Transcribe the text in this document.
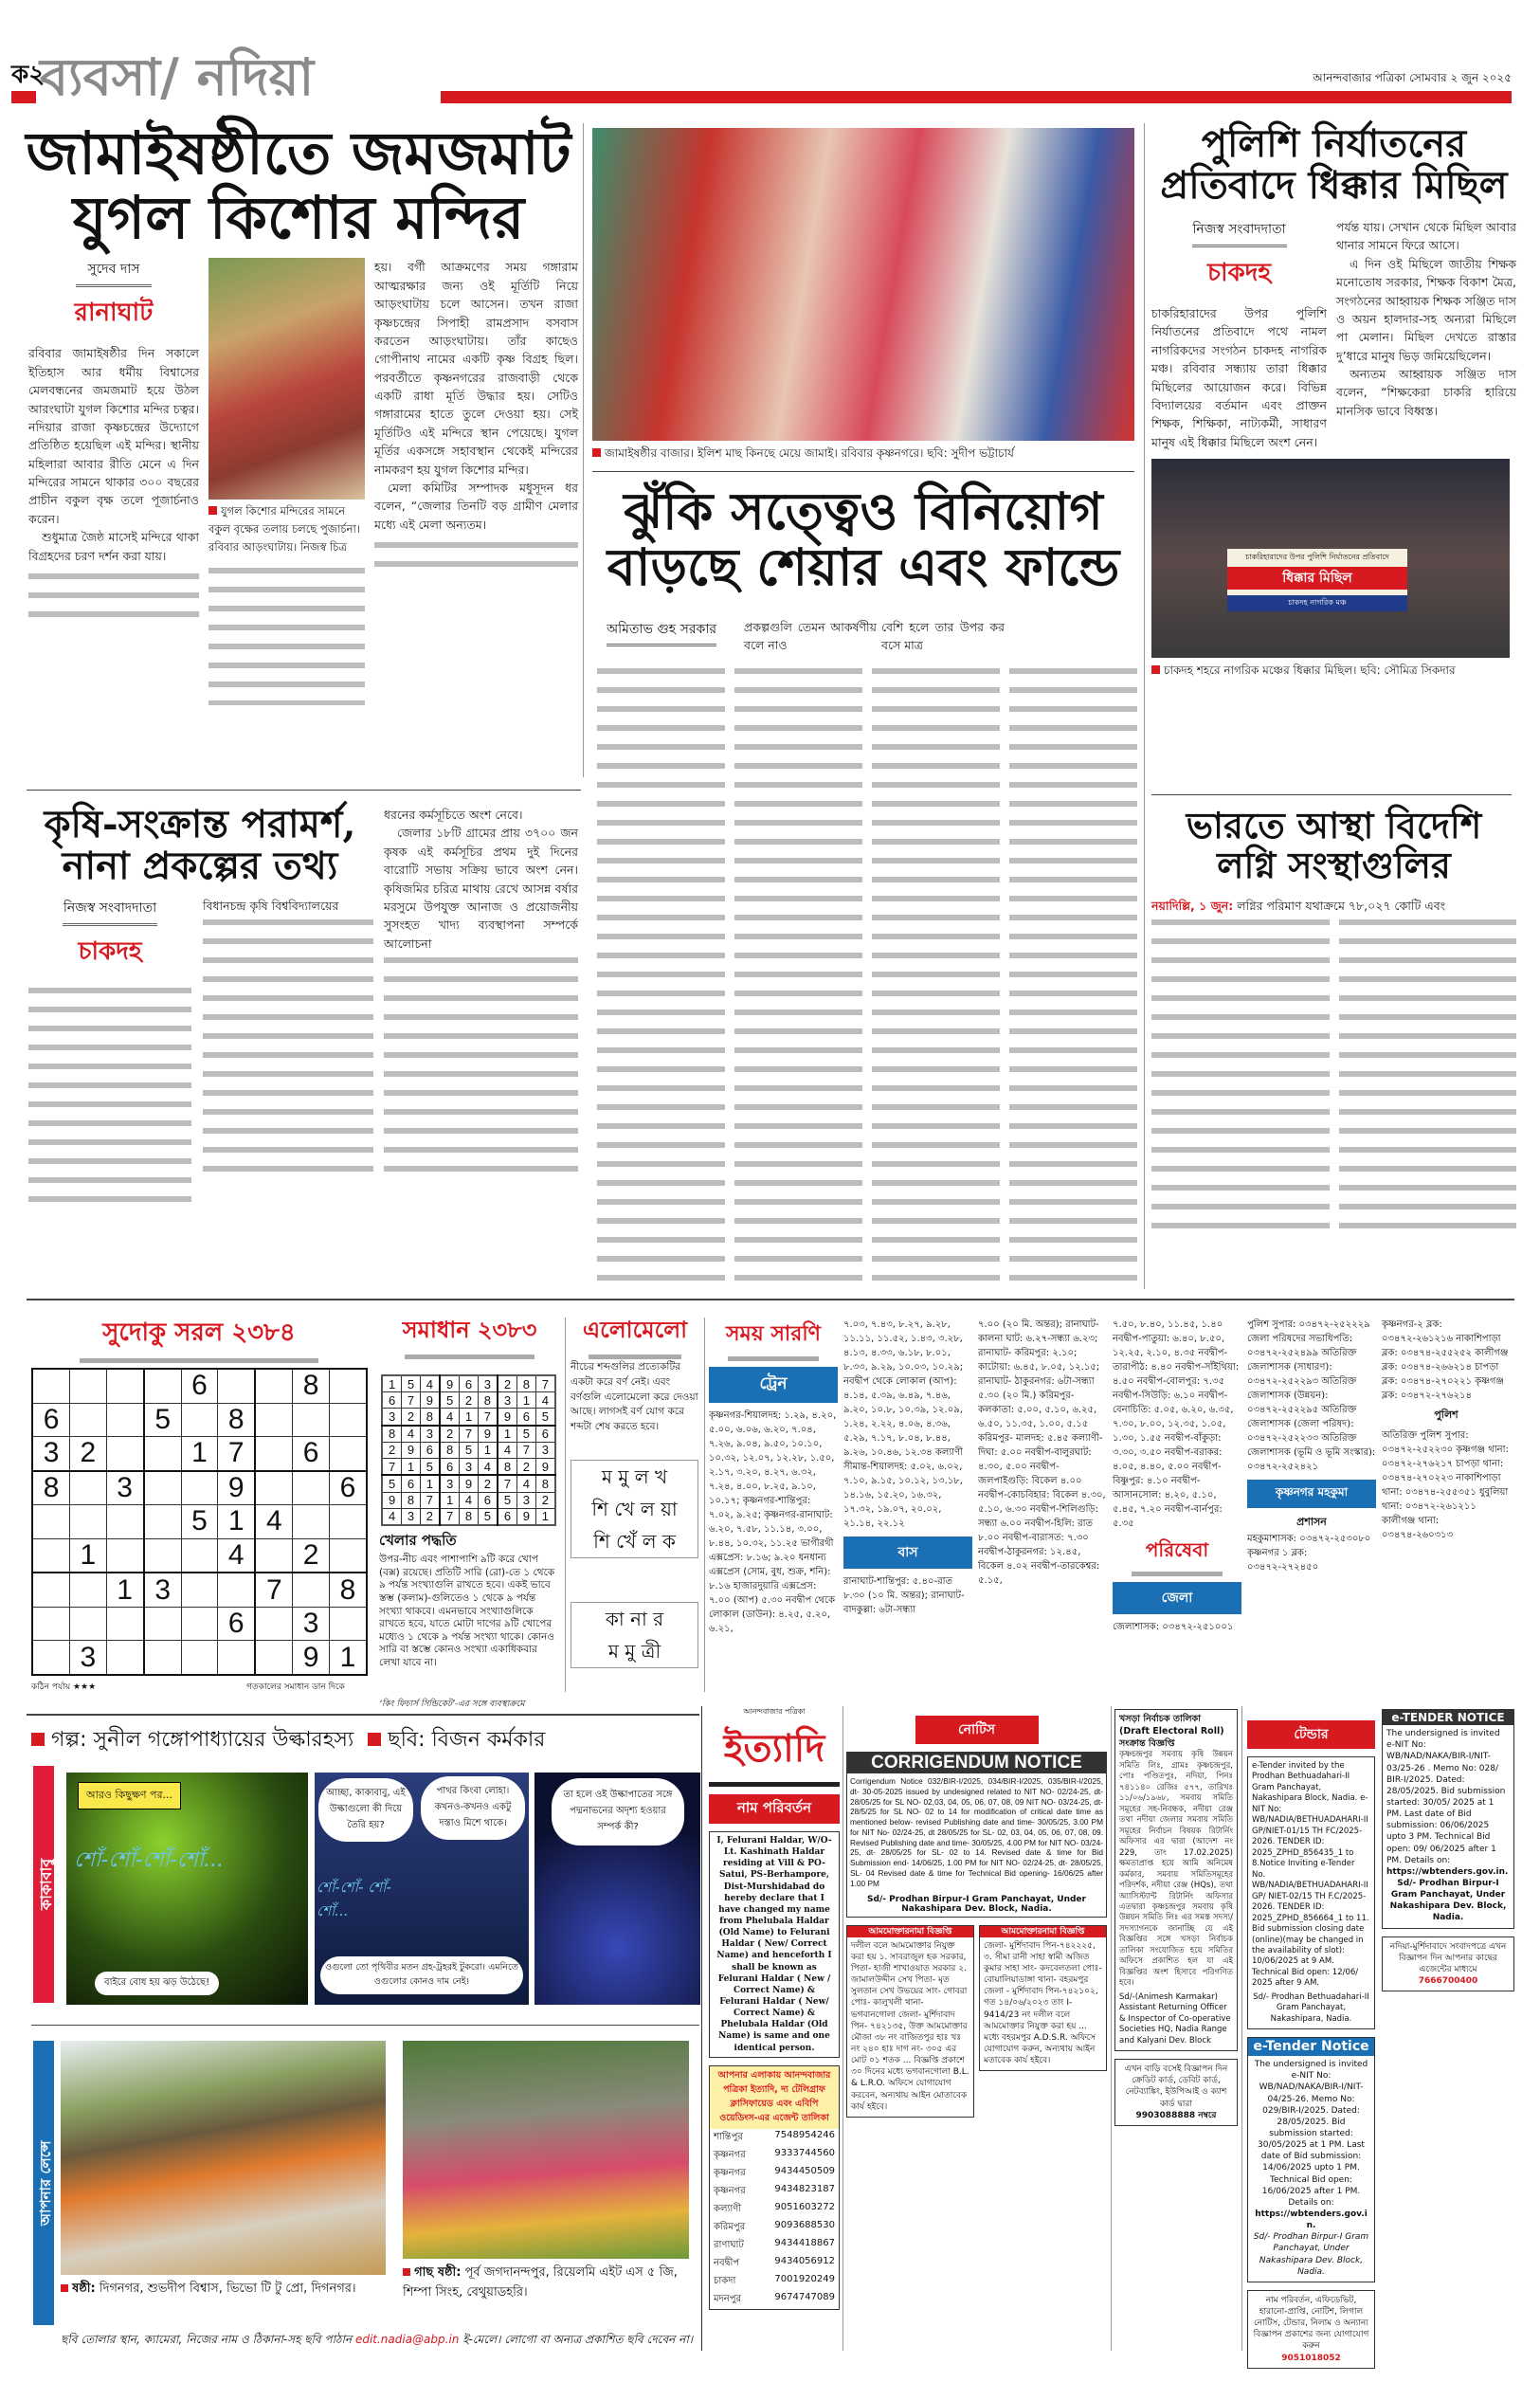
ক২
ব্যবসা/ নদিয়া	আনন্দবাজার পত্রিকা সোমবার ২ জুন ২০২৫
জামাইষষ্ঠীতে জমজমাট
যুগল কিশোর মন্দির
সুদেব দাস
রানাঘাট

রবিবার জামাইষষ্ঠীর দিন সকালে ইতিহাস আর ধর্মীয় বিশ্বাসের মেলবন্ধনের জমজমাট হয়ে উঠল আরংঘাটা যুগল কিশোর মন্দির চত্বর। নদিয়ার রাজা কৃষ্ণচন্দ্রের উদ্যোগে প্রতিষ্ঠিত হয়েছিল এই মন্দির। স্থানীয় মহিলারা আবার রীতি মেনে এ দিন মন্দিরের সামনে থাকার ৩০০ বছরের প্রাচীন বকুল বৃক্ষ তলে পূজার্চনাও করেন।

শুধুমাত্র জৈষ্ঠ মাসেই মন্দিরে থাকা বিগ্রহদের চরণ দর্শন করা যায়।

যুগল কিশোর মন্দিরের সামনে বকুল বৃক্ষের তলায় চলছে পুজার্চনা। রবিবার আড়ংঘাটায়। নিজস্ব চিত্র

হয়। বর্গী আক্রমণের সময় গঙ্গারাম আত্মরক্ষার জন্য ওই মূর্তিটি নিয়ে আড়ংঘাটায় চলে আসেন। তখন রাজা কৃষ্ণচন্দ্রের সিপাহী রামপ্রসাদ বসবাস করতেন আড়ংঘাটায়। তাঁর কাছেও গোপীনাথ নামের একটি কৃষ্ণ বিগ্রহ ছিল। পরবর্তীতে কৃষ্ণনগরের রাজবাড়ী থেকে একটি রাধা মূর্তি উদ্ধার হয়। সেটিও গঙ্গারামের হাতে তুলে দেওয়া হয়। সেই মূর্তিটিও এই মন্দিরে স্থান পেয়েছে। যুগল মূর্তির একসঙ্গে সহাবস্থান থেকেই মন্দিরের নামকরণ হয় যুগল কিশোর মন্দির।

মেলা কমিটির সম্পাদক মধুসূদন ধর বলেন, “জেলার তিনটি বড় গ্রামীণ মেলার মধ্যে এই মেলা অন্যতম।

জামাইষষ্ঠীর বাজার। ইলিশ মাছ কিনছে মেয়ে জামাই। রবিবার কৃষ্ণনগরে। ছবি: সুদীপ ভট্টাচার্য
ঝুঁকি সত্ত্বেও বিনিয়োগ
বাড়ছে শেয়ার এবং ফান্ডে
অমিতাভ গুহ সরকার প্রকল্পগুলি তেমন আকর্ষণীয় বলে নাও
বেশি হলে তার উপর কর বসে মাত্র
পুলিশি নির্যাতনের
প্রতিবাদে ধিক্কার মিছিল
নিজস্ব সংবাদদাতা
চাকদহ

চাকরিহারাদের উপর পুলিশি নির্যাতনের প্রতিবাদে পথে নামল নাগরিকদের সংগঠন চাকদহ নাগরিক মঞ্চ। রবিবার সন্ধ্যায় তারা ধিক্কার মিছিলের আয়োজন করে। বিভিন্ন বিদ্যালয়ের বর্তমান এবং প্রাক্তন শিক্ষক, শিক্ষিকা, নাট্যকর্মী, সাধারণ মানুষ এই ধিক্কার মিছিলে অংশ নেন।

পর্যন্ত যায়। সেখান থেকে মিছিল আবার থানার সামনে ফিরে আসে।

এ দিন ওই মিছিলে জাতীয় শিক্ষক মনোতোষ সরকার, শিক্ষক বিকাশ মৈত্র, সংগঠনের আহ্বায়ক শিক্ষক সঞ্জিত দাস ও অয়ন হালদার-সহ অন্যরা মিছিলে পা মেলান। মিছিল দেখতে রাস্তার দু’ধারে মানুষ ভিড় জমিয়েছিলেন।

অন্যতম আহ্বায়ক সঞ্জিত দাস বলেন, “শিক্ষকেরা চাকরি হারিয়ে মানসিক ভাবে বিধ্বস্ত।

চাকরিহারাদের উপর পুলিশি নির্যাতনের প্রতিবাদে
ধিক্কার মিছিল
চাকদহ নাগরিক মঞ্চ
চাকদহ শহরে নাগরিক মঞ্চের ধিক্কার মিছিল। ছবি: সৌমিত্র সিকদার
কৃষি-সংক্রান্ত পরামর্শ,
নানা প্রকল্পের তথ্য
নিজস্ব সংবাদদাতা
চাকদহ

বিধানচন্দ্র কৃষি বিশ্ববিদ্যালয়ের

ধরনের কর্মসূচিতে অংশ নেবে।

জেলার ১৮টি গ্রামের প্রায় ৩৭০০ জন কৃষক এই কর্মসূচির প্রথম দুই দিনের বারোটি সভায় সক্রিয় ভাবে অংশ নেন। কৃষিজমির চরিত্র মাথায় রেখে আসন্ন বর্ষার মরসুমে উপযুক্ত আনাজ ও প্রয়োজনীয় সুসংহত খাদ্য ব্যবস্থাপনা সম্পর্কে আলোচনা

ভারতে আস্থা বিদেশি
লগ্নি সংস্থাগুলির

নয়াদিল্লি, ১ জুন: লগ্নির পরিমাণ যথাক্রমে ৭৮,০২৭ কোটি এবং

সুদোকু সরল ২৩৮৪
				6			8	
6			5		8			
3	2			1	7		6	
8		3			9			6
				5	1	4		
	1				4		2	
		1	3			7		8
					6		3	
	3						9	1
কঠিন পর্যায় ★★★	গতকালের সমাধান ডান দিকে
সমাধান ২৩৮৩
1	5	4	9	6	3	2	8	7
6	7	9	5	2	8	3	1	4
3	2	8	4	1	7	9	6	5
8	4	3	2	7	9	1	5	6
2	9	6	8	5	1	4	7	3
7	1	5	6	3	4	8	2	9
5	6	1	3	9	2	7	4	8
9	8	7	1	4	6	5	3	2
4	3	2	7	8	5	6	9	1
খেলার পদ্ধতি

উপর-নীচ এবং পাশাপাশি ৯টি করে খোপ (বক্স) রয়েছে। প্রতিটি সারি (রো)-তে ১ থেকে ৯ পর্যন্ত সংখ্যাগুলি রাখতে হবে। একই ভাবে স্তম্ভ (কলাম)-গুলিতেও ১ থেকে ৯ পর্যন্ত সংখ্যা থাকবে। এমনভাবে সংখ্যাগুলিকে রাখতে হবে, যাতে মোটা দাগের ৯টি খোপের মধ্যেও ১ থেকে ৯ পর্যন্ত সংখ্যা থাকে। কোনও সারি বা স্তম্ভে কোনও সংখ্যা একাধিকবার লেখা যাবে না।

‘কিং ফিচার্স সিন্ডিকেট’-এর সঙ্গে ব্যবস্থাক্রমে
এলোমেলো

নীচের শব্দগুলির প্রত্যেকটির একটা করে বর্ণ নেই। এবং বর্ণগুলি এলোমেলো করে দেওয়া আছে। লাগসই বর্ণ যোগ করে শব্দটা শেষ করতে হবে।

ম মু ল খ
শি খে ল য়া
শি খেঁ ল ক
কা না র
ম মু ত্রী
সময় সারণি
ট্রেন

কৃষ্ণনগর-শিয়ালদহ: ১.২৯, ৪.২০, ৫.০০, ৬.০৬, ৬.২০, ৭.০৪, ৭.২৬, ৯.০৪, ৯.৫০, ১০.১০, ১০.৩২, ১২.০৭, ১২.২৮, ১.৫০, ২.১৭, ৩.২০, ৪.২৭, ৬.৩২, ৭.২৪, ৪.০০, ৮.২৫, ৯.১০, ১০.১৭; কৃষ্ণনগর-শান্তিপুর: ৭.০২, ৯.২৫; কৃষ্ণনগর-রানাঘাট: ৬.২০, ৭.৫৮, ১১.১৪, ৩.০০, ৮.৪৪, ১০.৩২, ১১.২৫ ভাগীরথী এক্সপ্রেস: ৮.১৬; ৯.২০ ধনধান্য এক্সপ্রেস (সোম, বুধ, শুক্র, শনি): ৮.১৬ হাজারদুয়ারি এক্সপ্রেস: ৭.০০ (আপ) ৫.৩০ নবদ্বীপ থেকে লোকাল (ডাউন): ৪.২৫, ৫.২০, ৬.২১,

৭.০৩, ৭.৪৩, ৮.২৭, ৯.২৮, ১১.১১, ১১.৫২, ১.৪৩, ৩.২৮, ৪.১৩, ৪.৩৩, ৬.১৮, ৮.০১, ৮.৩৩, ৯.২৯, ১০.০৩, ১০.২৯; নবদ্বীপ থেকে লোকাল (আপ): ৪.১৪, ৫.৩৯, ৬.৪৯, ৭.৪৬, ৯.২০, ১০.৮, ১০.৩৯, ১২.০৯, ১.২৪, ২.২২, ৪.০৬, ৪.৩৬, ৫.২৯, ৭.১৭, ৮.০৪, ৮.৪৪, ৯.২৬, ১০.৪৬, ১২.৩৪ কল্যাণী সীমান্ত-শিয়ালদহ: ৫.০২, ৬.০২, ৭.১০, ৯.১৫, ১০.১২, ১৩.১৮, ১৪.১৬, ১৫.২০, ১৬.৩২, ১৭.৩২, ১৯.০৭, ২০.০২, ২১.১৪, ২২.১২

বাস

রানাঘাট-শান্তিপুর: ৫.৪০-রাত ৮.৩০ (১০ মি. অন্তর); রানাঘাট- বাদকুল্লা: ৬টা-সন্ধ্যা

৭.০০ (২০ মি. অন্তর); রানাঘাট- কালনা ঘাট: ৬.২৭-সন্ধ্যা ৬.২৩; রানাঘাট- করিমপুর: ২.১০; কাটোয়া: ৬.৪৫, ৮.০৫, ১২.১৫; রানাঘাট- ঠাকুরনগর: ৬টা-সন্ধ্যা ৫.৩০ (২০ মি.) করিমপুর-কলকাতা: ৫.০০, ৫.১০, ৬.২৫, ৬.৫০, ১১.৩৫, ১.০০, ৫.১৫ করিমপুর- মালদহ: ৫.৪৫ কল্যাণী-দিঘা: ৫.০০ নবদ্বীপ-বালুরঘাট: ৪.৩০, ৫.০০ নবদ্বীপ-জলপাইগুড়ি: বিকেল ৪.০০ নবদ্বীপ-কোচবিহার: বিকেল ৪.৩০, ৫.১০, ৬.৩০ নবদ্বীপ-শিলিগুড়ি: সন্ধ্যা ৬.০০ নবদ্বীপ-হিলি: রাত ৮.০০ নবদ্বীপ-বারাসত: ৭.৩০ নবদ্বীপ-ঠাকুরনগর: ১২.৪৫, বিকেল ৪.০২ নবদ্বীপ-তারকেশ্বর: ৫.১৫,

৭.৫০, ৮.৪০, ১১.৪৫, ১.৪০ নবদ্বীপ-পাতুয়া: ৬.৪০, ৮.৫০, ১২.২৫, ২.১০, ৪.৩৫ নবদ্বীপ-তারাপীঠ: ৪.৪০ নবদ্বীপ-সাঁইথিয়া: ৪.৫০ নবদ্বীপ-বোলপুর: ৭.৩৫ নবদ্বীপ-সিউড়ি: ৬.১০ নবদ্বীপ-বেনাচিতি: ৫.০৫, ৬.২০, ৬.৩৫, ৭.৩০, ৮.০০, ১২.৩৫, ১.০৫, ১.৩০, ১.৫৫ নবদ্বীপ-বাঁকুড়া: ৩.৩০, ৩.৫০ নবদ্বীপ-বরাকর: ৪.০৫, ৪.৪০, ৫.০০ নবদ্বীপ-বিষ্ণুপুর: ৪.১০ নবদ্বীপ-আসানসোল: ৪.২০, ৫.১০, ৫.৪৫, ৭.২০ নবদ্বীপ-বার্নপুর: ৫.৩৫

পরিষেবা
জেলা

জেলাশাসক: ০৩৪৭২-২৫১০০১

পুলিশ সুপার: ০৩৪৭২-২৫২২২৯ জেলা পরিষদের সভাধিপতি: ০৩৪৭২-২৫২৪৯৯ অতিরিক্ত জেলাশাসক (সাধারণ): ০৩৪৭২-২৫২২৯৩ অতিরিক্ত জেলাশাসক (উন্নয়ন): ০৩৪৭২-২৫২২৯৫ অতিরিক্ত জেলাশাসক (জেলা পরিষদ): ০৩৪৭২-২৫২২৩৩ অতিরিক্ত জেলাশাসক (ভূমি ও ভূমি সংস্কার): ০৩৪৭২-২৫২৪২১

কৃষ্ণনগর মহকুমা
প্রশাসন

মহকুমাশাসক: ০৩৪৭২-২৫৩০৮০ কৃষ্ণনগর ১ ব্লক: ০৩৪৭২-২৭২৪৫০

কৃষ্ণনগর-২ ব্লক: ০৩৪৭২-২৬১২১৬ নাকাশিপাড়া ব্লক: ০৩৪৭৪-২৫৫২৫২ কালীগঞ্জ ব্লক: ০৩৪৭৪-২৬৬২১৪ চাপড়া ব্লক: ০৩৪৭৪-২৭০২২১ কৃষ্ণগঞ্জ ব্লক: ০৩৪৭২-২৭৬২১৪

পুলিশ

অতিরিক্ত পুলিশ সুপার: ০৩৪৭২-২৫২২৩০ কৃষ্ণগঞ্জ থানা: ০৩৪৭২-২৭৬২১৭ চাপড়া থানা: ০৩৪৭৪-২৭০২২৩ নাকাশিপাড়া থানা: ০৩৪৭৪-২৫৫৩৫১ ধুবুলিয়া থানা: ০৩৪৭২-২৬১২১১ কালীগঞ্জ থানা: ০৩৪৭৪-২৬০৩১৩

গল্প: সুনীল গঙ্গোপাধ্যায়ের উল্কারহস্য ছবি: বিজন কর্মকার
কাকাবাবু
আরও কিছুক্ষণ পর...
শোঁ-শোঁ-শোঁ-শোঁ...
বাইরে বোধ হয় ঝড় উঠেছে!
আচ্ছা, কাকাবাবু, এই উল্কাগুলো কী দিয়ে তৈরি হয়?
পাথর কিংবা লোহা। কখনও-কখনও একটু দস্তাও মিশে থাকে।
শোঁ-শোঁ- শোঁ-শোঁ...
ওগুলো তো পৃথিবীর মতন গ্রহ-ট্রহরই টুকরো। এমনিতে ওগুলোর কোনও দাম নেই।
তা হলে ওই উল্কাপাতের সঙ্গে পদ্মনাভনের অদৃশ্য হওয়ার সম্পর্ক কী?
আপনার লেন্সে
ষষ্ঠী: দিগনগর, শুভদীপ বিশ্বাস, ভিভো টি টু প্রো, দিগনগর।
গাছ ষষ্ঠী: পূর্ব জগদানন্দপুর, রিয়েলমি এইট এস ৫ জি, শিম্পা সিংহ, বেথুয়াডহরি।
ছবি তোলার স্থান, ক্যামেরা, নিজের নাম ও ঠিকানা-সহ ছবি পাঠান edit.nadia@abp.in ই-মেলে। লোগো বা অন্যত্র প্রকাশিত ছবি দেবেন না।
আনন্দবাজার পত্রিকা
ইত্যাদি
নাম পরিবর্তন
I, Felurani Haldar, W/O- Lt. Kashinath Haldar residing at Vill & PO- Satui, PS-Berhampore, Dist-Murshidabad do hereby declare that I have changed my name from Phelubala Haldar (Old Name) to Felurani Haldar ( New/ Correct Name) and henceforth I shall be known as Felurani Haldar ( New / Correct Name) & Felurani Haldar ( New/ Correct Name) & Phelubala Haldar (Old Name) is same and one identical person.
আপনার এলাকায় আনন্দবাজার পত্রিকা ইত্যাদি, দ্য টেলিগ্রাফ ক্লাসিফায়েড এবং এবিপি ওয়েডিংস-এর এজেন্ট তালিকা
শান্তিপুর	7548954246
কৃষ্ণনগর	9333744560
কৃষ্ণনগর	9434450509
কৃষ্ণনগর	9434823187
কল্যাণী	9051603272
করিমপুর	9093688530
রাণাঘাট	9434418867
নবদ্বীপ	9434056912
চাকদা	7001920249
মদনপুর	9674747089
নোটিস
CORRIGENDUM NOTICE

Corrigendum Notice 032/BIR-I/2025, 034/BIR-I/2025, 035/BIR-I/2025, dt- 30-05-2025 issued by undesigned related to NIT NO- 02/24-25, dt- 28/05/25 for SL NO- 02,03, 04, 05, 06, 07, 08, 09 NIT NO- 03/24-25, dt- 28/5/25 for SL NO- 02 to 14 for modification of critical date time as mentioned below- revised Publishing date and time- 30/05/25, 3.00 PM for NIT No- 02/24-25, dt 28/05/25 for SL- 02, 03, 04, 05, 06, 07, 08, 09. Revised Publishing date and time- 30/05/25, 4.00 PM for NIT NO- 03/24-25, dt- 28/05/25 for SL- 02 to 14. Revised date & time for Bid Submission end- 14/06/25, 1.00 PM for NIT NO- 02/24-25, dt- 28/05/25, SL- 04 Revised date & time for Technical Bid opening- 16/06/25 after 1.00 PM

Sd/- Prodhan Birpur-I Gram Panchayat, Under Nakashipara Dev. Block, Nadia.

আমমোক্তারনামা বিজ্ঞপ্তি

দলীল বলে আমমোক্তার নিযুক্ত করা হয় ১. সাবরাজুল হক সরকার, পিতা- হাজী শাখাওয়াত সরকার ২. জামালউদ্দীন সেখ পিতা- মৃত সুলতান সেখ উভয়ের সাং- গোবরা পোঃ- কালুখলী থানা- ভগবানগোলা জেলা- মুর্শিদাবাদ পিন- ৭৪২১৩৫, উক্ত আমমোক্তার মৌজা ৩৮ নং বাজিতপুর হাঃ খঃ নং ২৪০ হাঃ দাগ নং- ৩০৫ এর মোট ০১ শতক ... বিজ্ঞপ্তি প্রকাশে ৩০ দিনের মধ্যে ভগবানগোলা B.L. & L.R.O. অফিসে যোগাযোগ করবেন, অন্যথায় আইন মোতাবেক কার্য হইবে।

আমমোক্তারনামা বিজ্ঞপ্তি

জেলা- মুর্শিদাবাদ পিন-৭৪২২২৫, ৩. সীমা রানী সাহা স্বামী অজিত কুমার সাহা সাং- কদবেলতলা পোঃ- বোয়ালিয়াডাঙ্গা থানা- বহরমপুর জেলা - মুর্শিদাবাদ পিন-৭৪২১০২, গত ১৪/০৬/২০২৩ তাং I-9414/23 নং দলীল বলে আমমোক্তার নিযুক্ত করা হয় ... মধ্যে বহরমপুর A.D.S.R. অফিসে যোগাযোগ করুন, অন্যথায় আইন মতাবেক কার্য হইবে।

খসড়া নির্বাচক তালিকা (Draft Electoral Roll) সংক্রান্ত বিজ্ঞপ্তি

কৃষ্ণচন্দ্রপুর সমবায় কৃষি উন্নয়ন সমিতি লিঃ, গ্রামঃ কৃষ্ণচন্দ্রপুর, পোঃ পণ্ডিতপুঃ, নদিয়া, পিনঃ ৭৪১১৪০ রেজিঃ ৫৭৭, তারিখঃ ১১/০৬/১৯৬৮, সমবায় সমিতি সমূহের সহ-নিবন্ধক, নদীয়া রেঞ্জ তথা নদীয়া জেলার সমবায় সমিতি সমূহের নির্বাচন বিষয়ক রিটার্নিং অফিসার এর দ্বারা (আদেশ নং 229, তাং 17.02.2025) ক্ষমতাপ্রাপ্ত হয়ে আমি অনিমেষ কর্মকার, সমবায় সমিতিসমূহের পরিদর্শক, নদীয়া রেঞ্জ (HQs), তথা অ্যাসিস্ট্যান্ট রিটার্নিং অফিসার এতদ্বারা কৃষ্ণচন্দ্রপুর সমবায় কৃষি উন্নয়ন সমিতি লিঃ এর সমস্ত সদস্য/সদস্যাগনকে জানাচ্ছি যে এই বিজ্ঞপ্তির সঙ্গে খসড়া নির্বাচক তালিকা সংযোজিত হয়ে সমিতির অফিসে প্রকাশিত হল যা এই বিজ্ঞপ্তির অংশ হিসাবে পরিগণিত হবে।

Sd/-(Animesh Karmakar) Assistant Returning Officer & Inspector of Co-operative Societies HQ, Nadia Range and Kalyani Dev. Block

এখন বাড়ি বসেই বিজ্ঞাপন দিন ক্রেডিট কার্ড, ডেবিট কার্ড, নেটব্যাঙ্কিং, ইউপিআই ও ক্যাশ কার্ড দ্বারা

9903088888 নম্বরে

টেন্ডার

e-Tender invited by the Prodhan Bethuadahari-II Gram Panchayat, Nakashipara Block, Nadia. e-NIT No: WB/NADIA/BETHUADAHARI-II GP/NIET-01/15 TH FC/2025-2026. TENDER ID: 2025_ZPHD_856435_1 to 8.Notice Inviting e-Tender No. WB/NADIA/BETHUADAHARI-II GP/ NIET-02/15 TH F.C/2025-2026. TENDER ID: 2025_ZPHD_856664_1 to 11. Bid submission closing date (online)(may be changed in the availability of slot): 10/06/2025 at 9 AM. Technical Bid open: 12/06/ 2025 after 9 AM.

Sd/- Prodhan Bethuadahari-II Gram Panchayat, Nakashipara, Nadia.

e-Tender Notice

The undersigned is invited e-NIT No: WB/NAD/NAKA/BIR-I/NIT-04/25-26. Memo No: 029/BIR-I/2025. Dated: 28/05/2025. Bid submission started: 30/05/2025 at 1 PM. Last date of Bid submission: 14/06/2025 upto 1 PM. Technical Bid open: 16/06/2025 after 1 PM. Details on:

https://wbtenders.gov.in.

Sd/- Prodhan Birpur-I Gram Panchayat, Under Nakashipara Dev. Block, Nadia.

নাম পরিবর্তন, এফিডেভিট, হারানো-প্রাপ্তি, নোটিশ, লিগাল নোটিস, টেন্ডার, নিলাম ও অন্যান্য বিজ্ঞাপন প্রকাশের জন্য যোগাযোগ করুন

9051018052

e-TENDER NOTICE

The undersigned is invited e-NIT No: WB/NAD/NAKA/BIR-I/NIT-03/25-26 . Memo No: 028/ BIR-I/2025. Dated: 28/05/2025. Bid submission started: 30/05/ 2025 at 1 PM. Last date of Bid submission: 06/06/2025 upto 3 PM. Technical Bid open: 09/ 06/2025 after 1 PM. Details on:

https://wbtenders.gov.in.

Sd/- Prodhan Birpur-I Gram Panchayat, Under Nakashipara Dev. Block, Nadia.

নদিয়া-মুর্শিদাবাদে সংবাদপত্রে এখন বিজ্ঞাপন দিন আপনার কাছের এজেন্টের মাধ্যমে

7666700400
